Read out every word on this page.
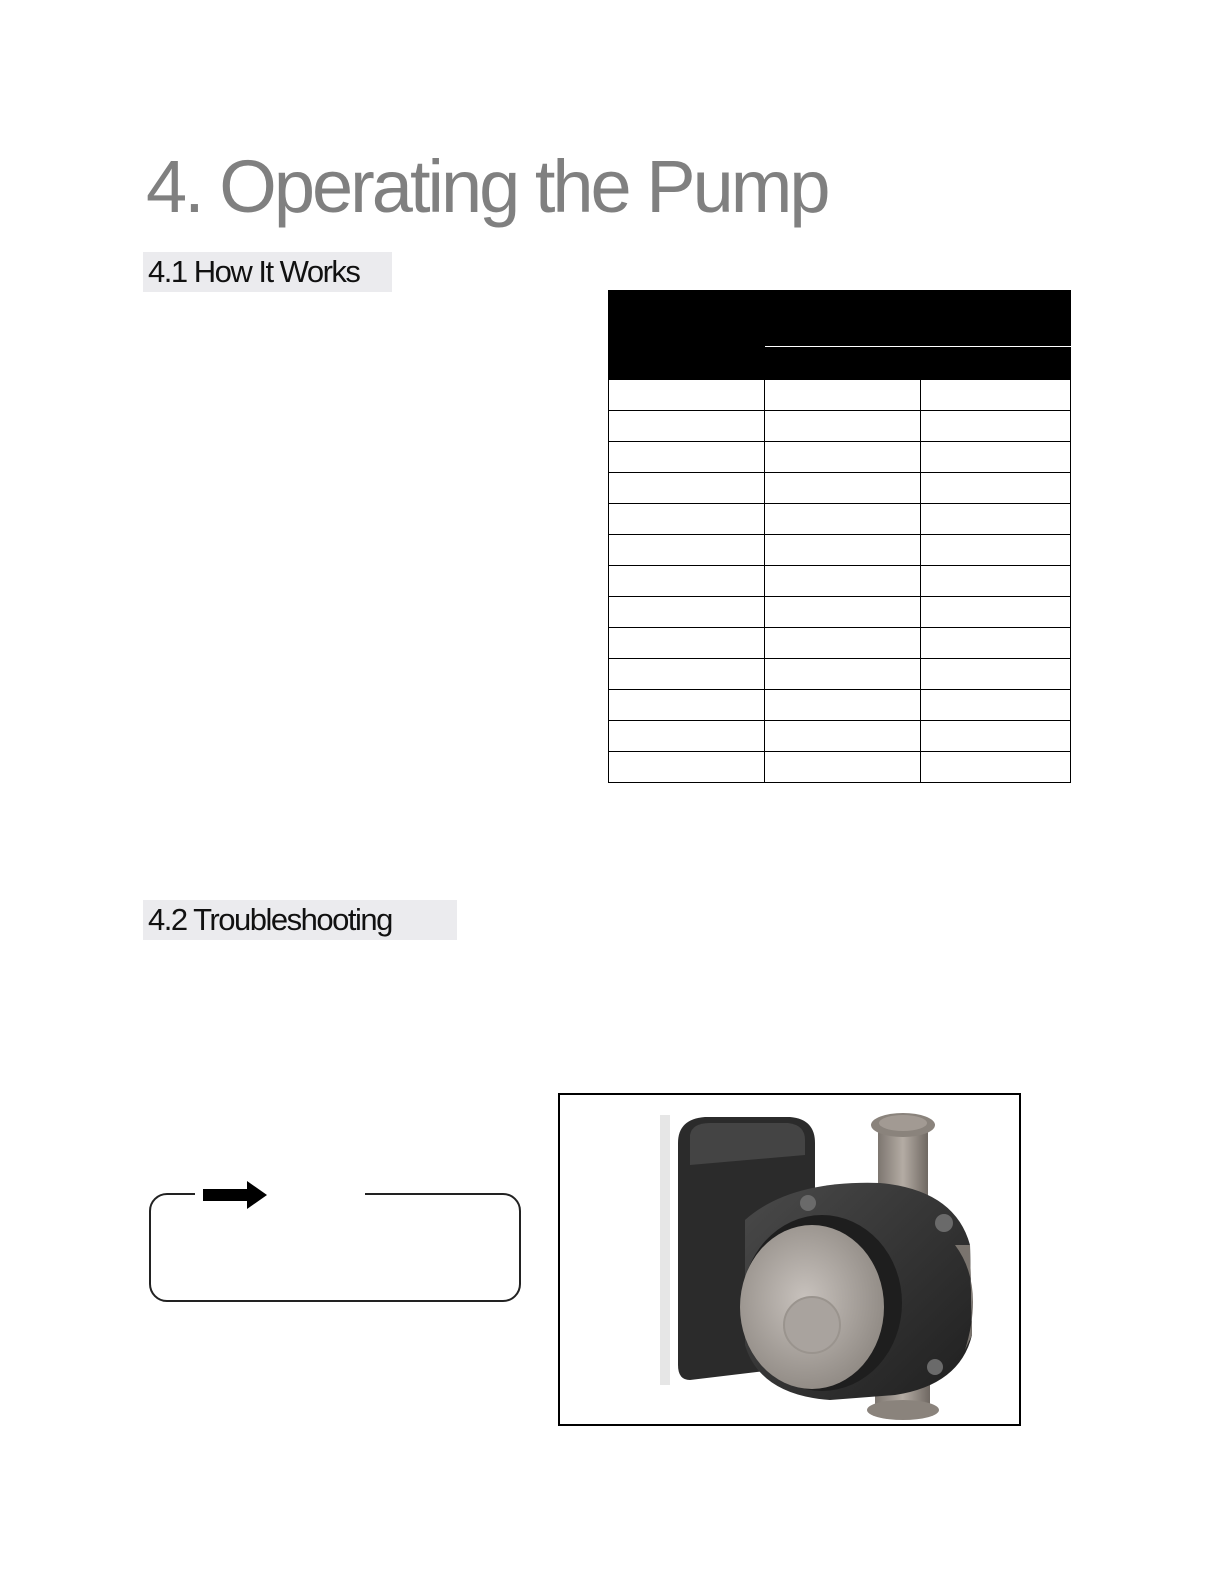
4. Operating the Pump
4.1 How It Works

4.2 Troubleshooting
